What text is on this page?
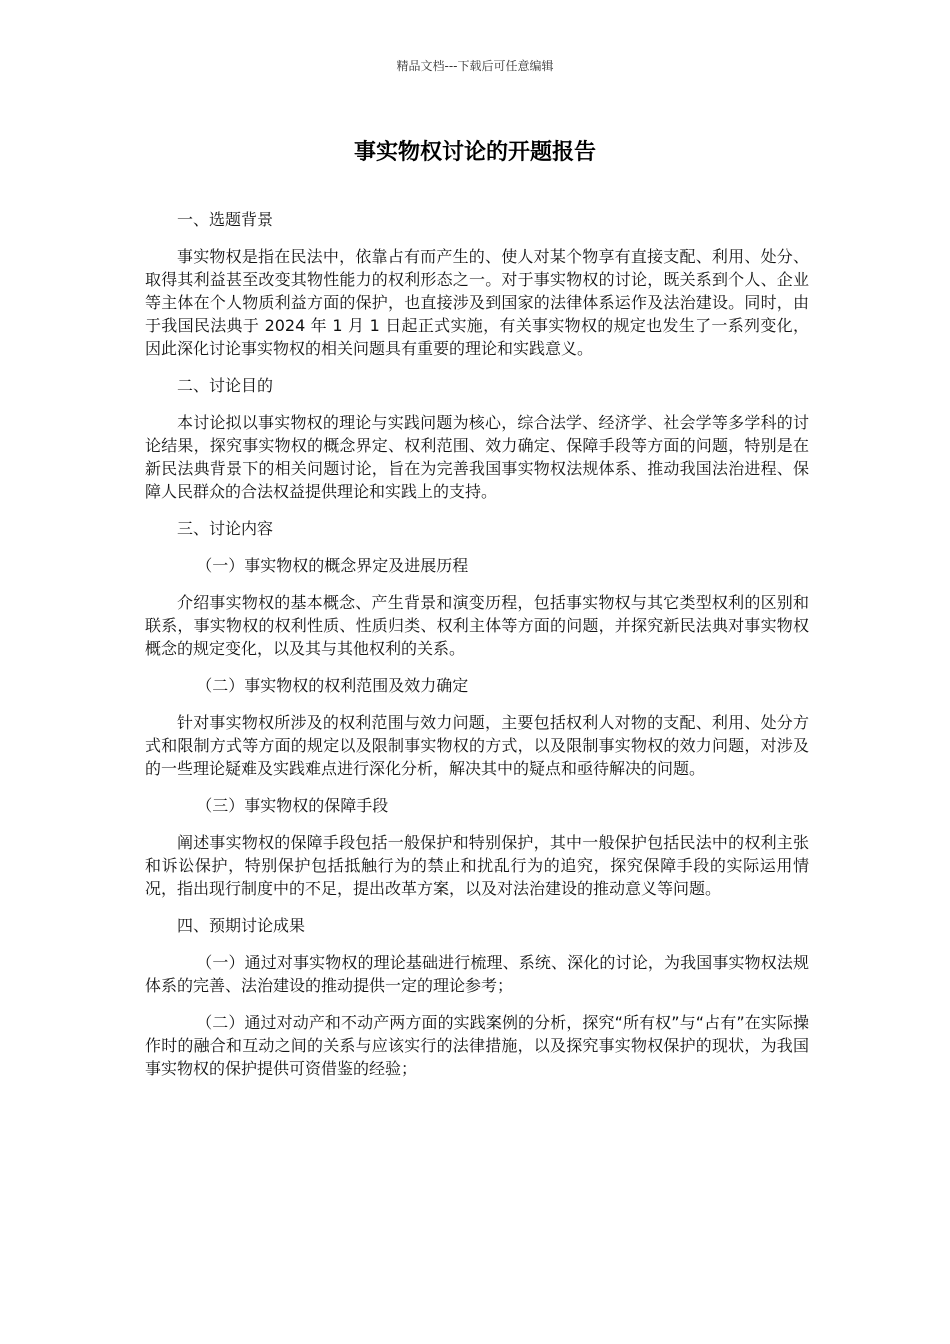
精品文档---下载后可任意编辑
事实物权讨论的开题报告
一、选题背景
事实物权是指在民法中，依靠占有而产生的、使人对某个物享有直接支配、利用、处分、取得其利益甚至改变其物性能力的权利形态之一。对于事实物权的讨论，既关系到个人、企业等主体在个人物质利益方面的保护，也直接涉及到国家的法律体系运作及法治建设。同时，由于我国民法典于 2024 年 1 月 1 日起正式实施，有关事实物权的规定也发生了一系列变化，因此深化讨论事实物权的相关问题具有重要的理论和实践意义。
二、讨论目的
本讨论拟以事实物权的理论与实践问题为核心，综合法学、经济学、社会学等多学科的讨论结果，探究事实物权的概念界定、权利范围、效力确定、保障手段等方面的问题，特别是在新民法典背景下的相关问题讨论，旨在为完善我国事实物权法规体系、推动我国法治进程、保障人民群众的合法权益提供理论和实践上的支持。
三、讨论内容
（一）事实物权的概念界定及进展历程
介绍事实物权的基本概念、产生背景和演变历程，包括事实物权与其它类型权利的区别和联系，事实物权的权利性质、性质归类、权利主体等方面的问题，并探究新民法典对事实物权概念的规定变化，以及其与其他权利的关系。
（二）事实物权的权利范围及效力确定
针对事实物权所涉及的权利范围与效力问题，主要包括权利人对物的支配、利用、处分方式和限制方式等方面的规定以及限制事实物权的方式，以及限制事实物权的效力问题，对涉及的一些理论疑难及实践难点进行深化分析，解决其中的疑点和亟待解决的问题。
（三）事实物权的保障手段
阐述事实物权的保障手段包括一般保护和特别保护，其中一般保护包括民法中的权利主张和诉讼保护，特别保护包括抵触行为的禁止和扰乱行为的追究，探究保障手段的实际运用情况，指出现行制度中的不足，提出改革方案，以及对法治建设的推动意义等问题。
四、预期讨论成果
（一）通过对事实物权的理论基础进行梳理、系统、深化的讨论，为我国事实物权法规体系的完善、法治建设的推动提供一定的理论参考；
（二）通过对动产和不动产两方面的实践案例的分析，探究“所有权”与“占有”在实际操作时的融合和互动之间的关系与应该实行的法律措施，以及探究事实物权保护的现状，为我国事实物权的保护提供可资借鉴的经验；
